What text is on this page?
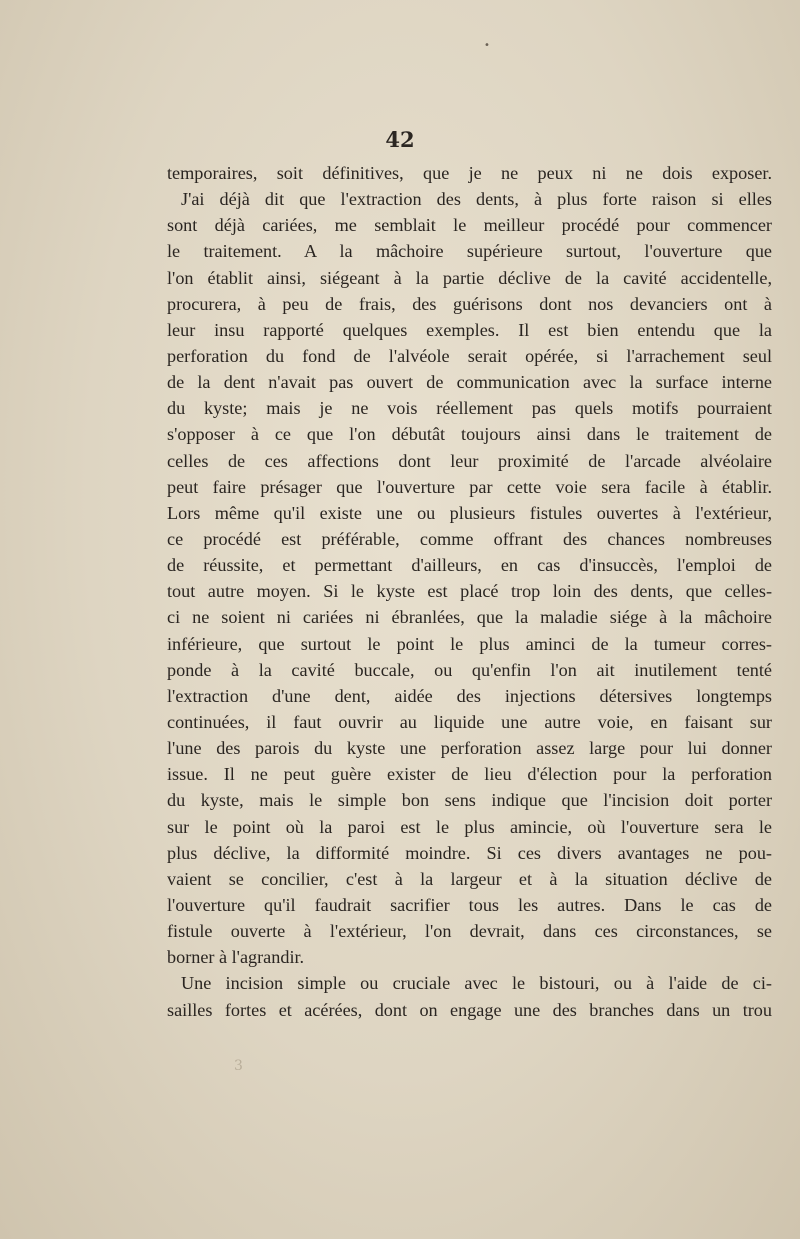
•
42
temporaires, soit définitives, que je ne peux ni ne dois exposer.
J'ai déjà dit que l'extraction des dents, à plus forte raison si elles
sont déjà cariées, me semblait le meilleur procédé pour commencer
le traitement. A la mâchoire supérieure surtout, l'ouverture que
l'on établit ainsi, siégeant à la partie déclive de la cavité accidentelle,
procurera, à peu de frais, des guérisons dont nos devanciers ont à
leur insu rapporté quelques exemples. Il est bien entendu que la
perforation du fond de l'alvéole serait opérée, si l'arrachement seul
de la dent n'avait pas ouvert de communication avec la surface interne
du kyste; mais je ne vois réellement pas quels motifs pourraient
s'opposer à ce que l'on débutât toujours ainsi dans le traitement de
celles de ces affections dont leur proximité de l'arcade alvéolaire
peut faire présager que l'ouverture par cette voie sera facile à établir.
Lors même qu'il existe une ou plusieurs fistules ouvertes à l'extérieur,
ce procédé est préférable, comme offrant des chances nombreuses
de réussite, et permettant d'ailleurs, en cas d'insuccès, l'emploi de
tout autre moyen. Si le kyste est placé trop loin des dents, que celles-
ci ne soient ni cariées ni ébranlées, que la maladie siége à la mâchoire
inférieure, que surtout le point le plus aminci de la tumeur corres-
ponde à la cavité buccale, ou qu'enfin l'on ait inutilement tenté
l'extraction d'une dent, aidée des injections détersives longtemps
continuées, il faut ouvrir au liquide une autre voie, en faisant sur
l'une des parois du kyste une perforation assez large pour lui donner
issue. Il ne peut guère exister de lieu d'élection pour la perforation
du kyste, mais le simple bon sens indique que l'incision doit porter
sur le point où la paroi est le plus amincie, où l'ouverture sera le
plus déclive, la difformité moindre. Si ces divers avantages ne pou-
vaient se concilier, c'est à la largeur et à la situation déclive de
l'ouverture qu'il faudrait sacrifier tous les autres. Dans le cas de
fistule ouverte à l'extérieur, l'on devrait, dans ces circonstances, se
borner à l'agrandir.
Une incision simple ou cruciale avec le bistouri, ou à l'aide de ci-
sailles fortes et acérées, dont on engage une des branches dans un trou
3
